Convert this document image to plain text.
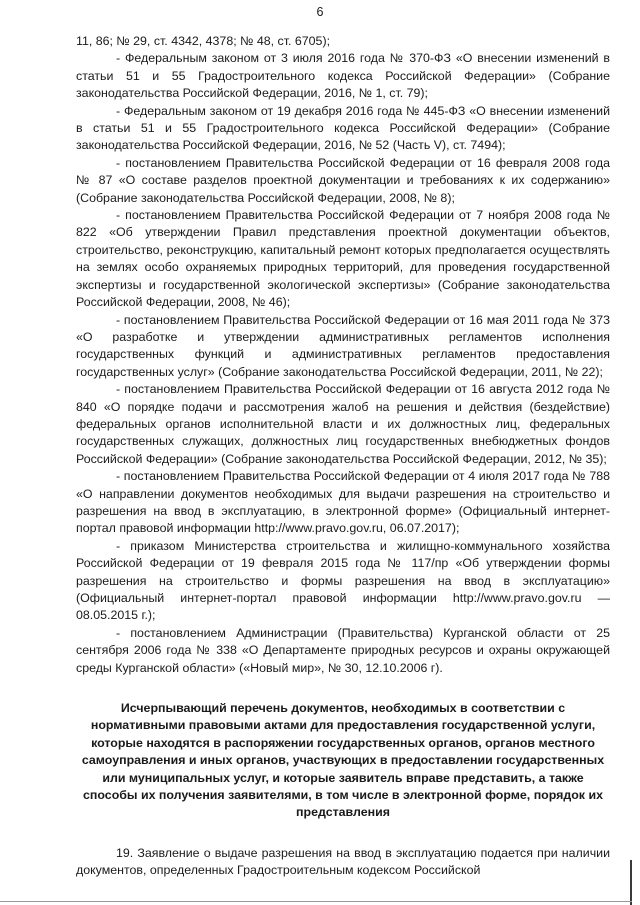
6

11, 86; № 29, ст. 4342, 4378; № 48, ст. 6705);

- Федеральным законом от 3 июля 2016 года № 370-ФЗ «О внесении изменений в статьи 51 и 55 Градостроительного кодекса Российской Федерации» (Собрание законодательства Российской Федерации, 2016, № 1, ст. 79);

- Федеральным законом от 19 декабря 2016 года № 445-ФЗ «О внесении изменений в статьи 51 и 55 Градостроительного кодекса Российской Федерации» (Собрание законодательства Российской Федерации, 2016, № 52 (Часть V), ст. 7494);

- постановлением Правительства Российской Федерации от 16 февраля 2008 года № 87 «О составе разделов проектной документации и требованиях к их содержанию» (Собрание законодательства Российской Федерации, 2008, № 8);

- постановлением Правительства Российской Федерации от 7 ноября 2008 года № 822 «Об утверждении Правил представления проектной документации объектов, строительство, реконструкцию, капитальный ремонт которых предполагается осуществлять на землях особо охраняемых природных территорий, для проведения государственной экспертизы и государственной экологической экспертизы» (Собрание законодательства Российской Федерации, 2008, № 46);

- постановлением Правительства Российской Федерации от 16 мая 2011 года № 373 «О разработке и утверждении административных регламентов исполнения государственных функций и административных регламентов предоставления государственных услуг» (Собрание законодательства Российской Федерации, 2011, № 22);

- постановлением Правительства Российской Федерации от 16 августа 2012 года № 840 «О порядке подачи и рассмотрения жалоб на решения и действия (бездействие) федеральных органов исполнительной власти и их должностных лиц, федеральных государственных служащих, должностных лиц государственных внебюджетных фондов Российской Федерации» (Собрание законодательства Российской Федерации, 2012, № 35);

- постановлением Правительства Российской Федерации от 4 июля 2017 года № 788 «О направлении документов необходимых для выдачи разрешения на строительство и разрешения на ввод в эксплуатацию, в электронной форме» (Официальный интернет-портал правовой информации http://www.pravo.gov.ru, 06.07.2017);

- приказом Министерства строительства и жилищно-коммунального хозяйства Российской Федерации от 19 февраля 2015 года № 117/пр «Об утверждении формы разрешения на строительство и формы разрешения на ввод в эксплуатацию» (Официальный интернет-портал правовой информации http://www.pravo.gov.ru — 08.05.2015 г.);

- постановлением Администрации (Правительства) Курганской области от 25 сентября 2006 года № 338 «О Департаменте природных ресурсов и охраны окружающей среды Курганской области» («Новый мир», № 30, 12.10.2006 г).

Исчерпывающий перечень документов, необходимых в соответствии с нормативными правовыми актами для предоставления государственной услуги, которые находятся в распоряжении государственных органов, органов местного самоуправления и иных органов, участвующих в предоставлении государственных или муниципальных услуг, и которые заявитель вправе представить, а также способы их получения заявителями, в том числе в электронной форме, порядок их представления

19. Заявление о выдаче разрешения на ввод в эксплуатацию подается при наличии документов, определенных Градостроительным кодексом Российской
